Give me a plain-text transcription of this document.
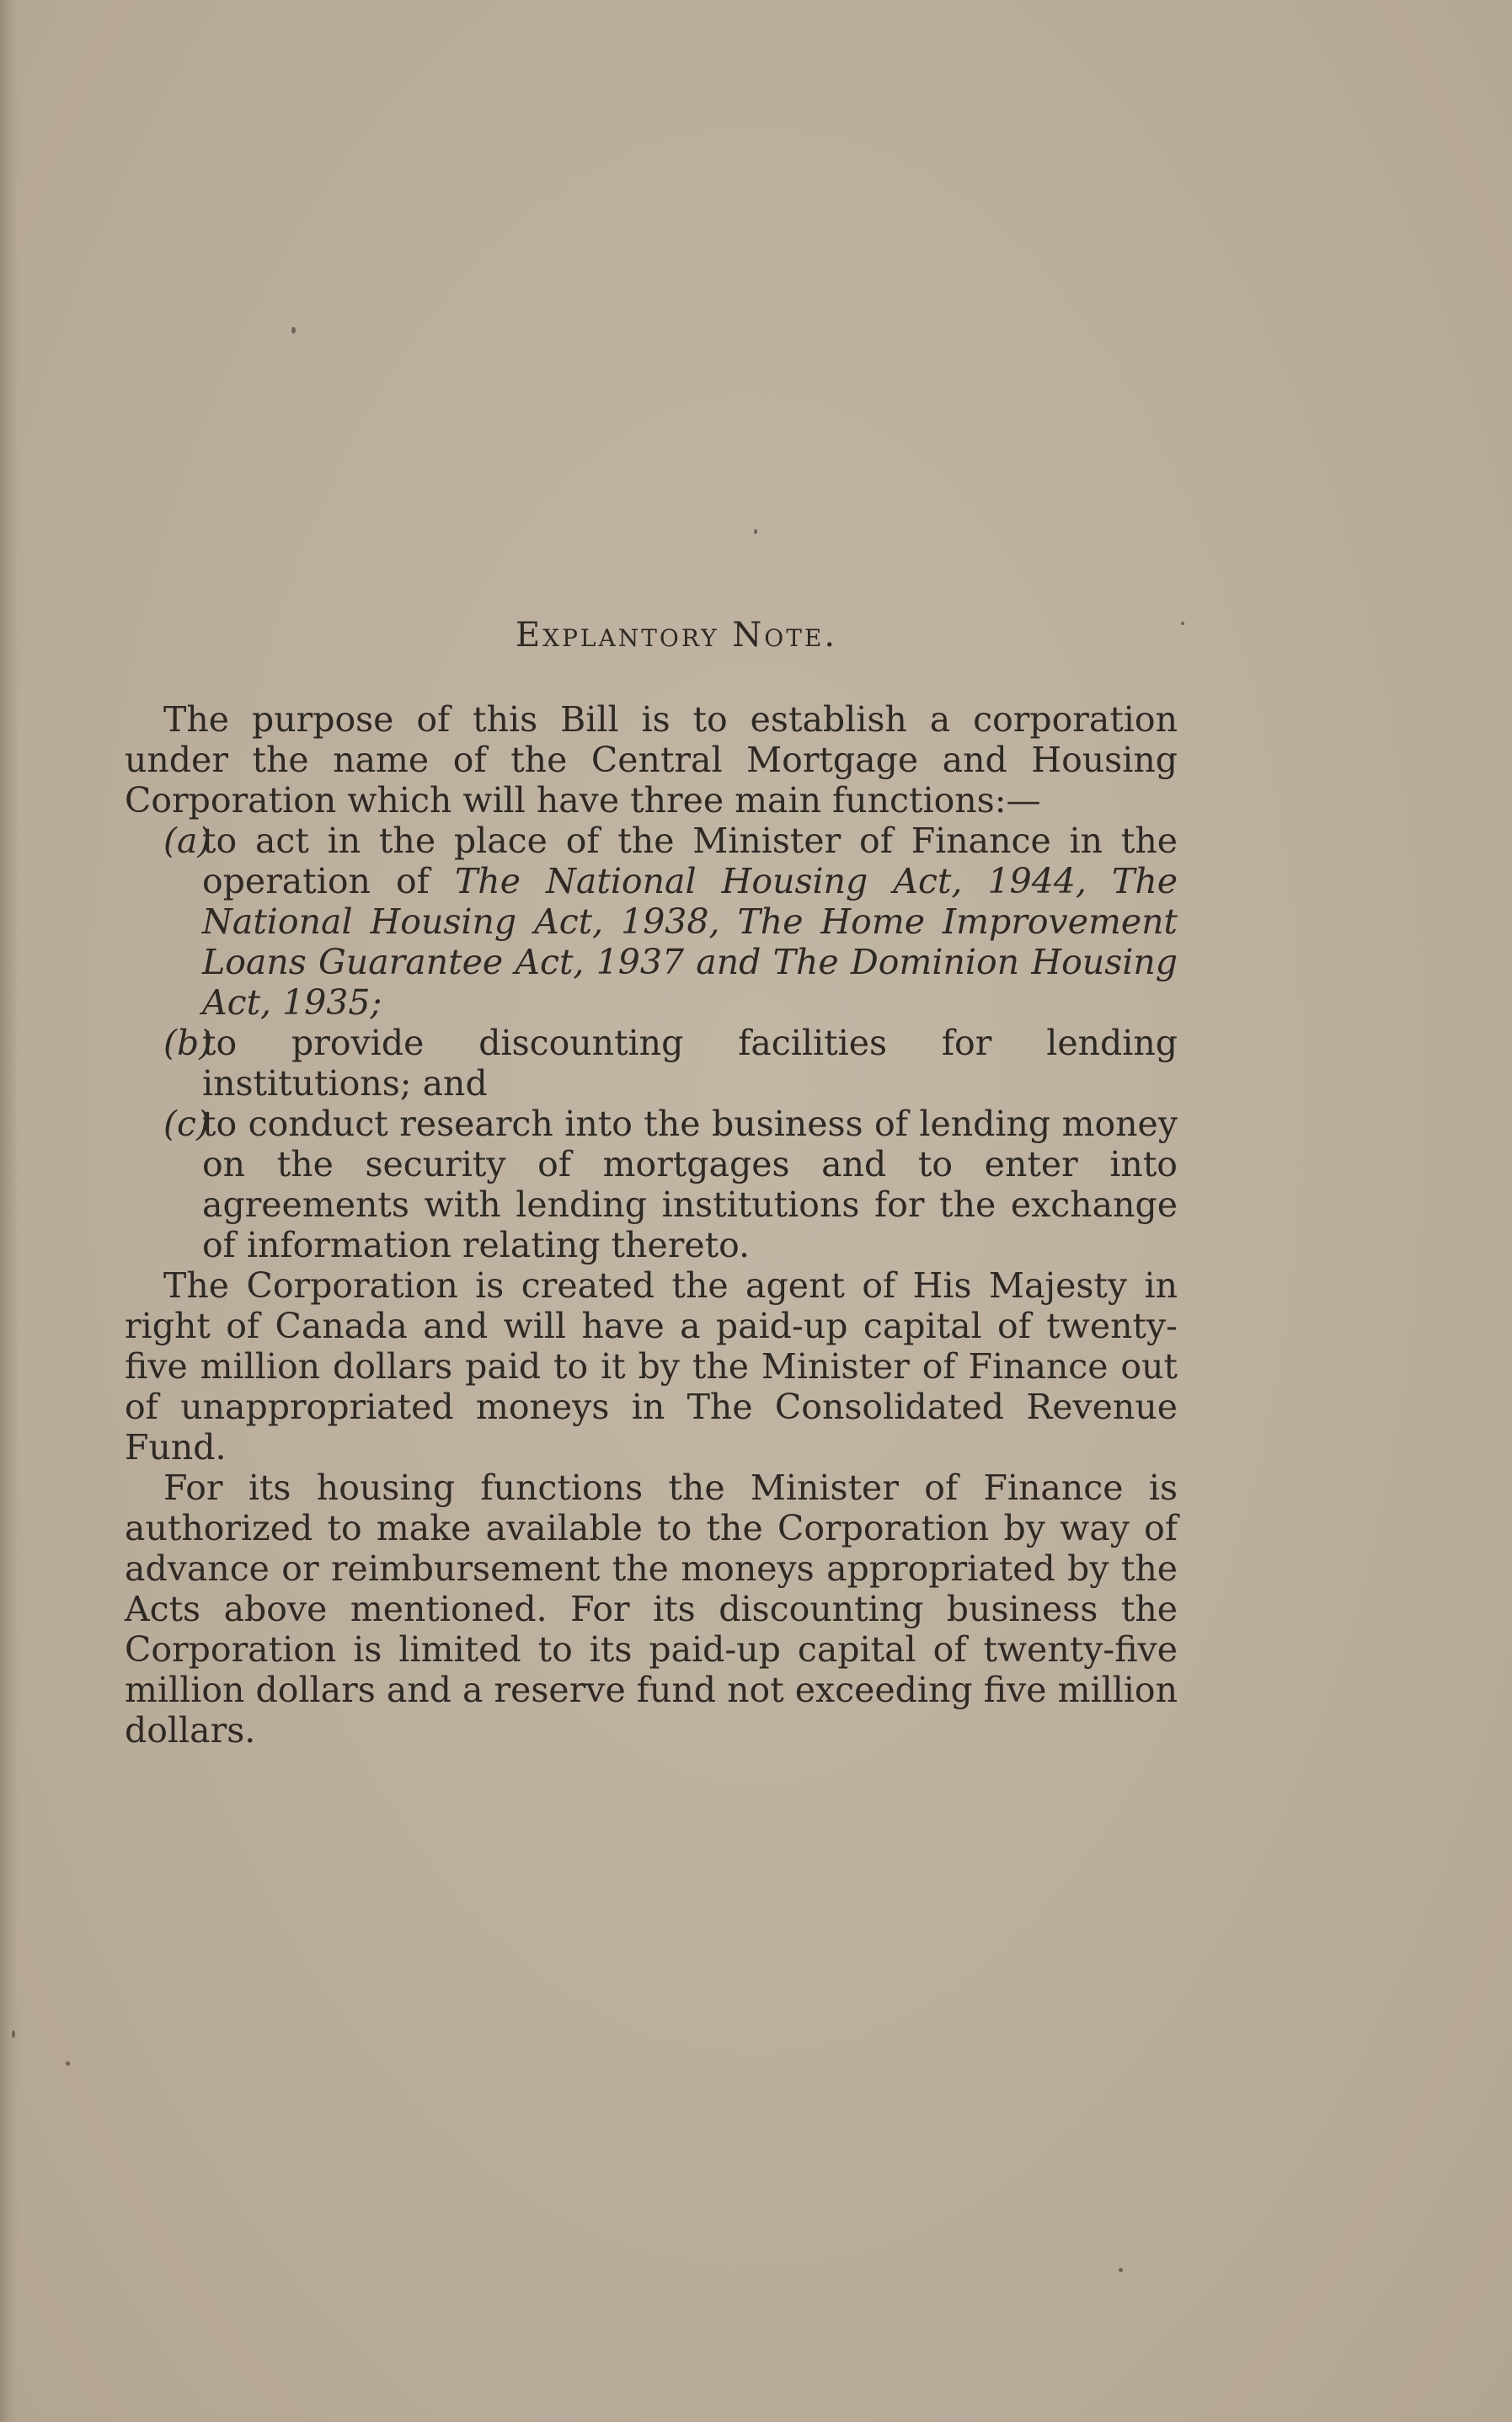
Explantory Note.

The purpose of this Bill is to establish a corporation under the name of the Central Mortgage and Housing Corporation which will have three main functions:—

(a)
to act in the place of the Minister of Finance in the operation of The National Housing Act, 1944, The National Housing Act, 1938, The Home Improvement Loans Guarantee Act, 1937 and The Dominion Housing Act, 1935;
(b)
to provide discounting facilities for lending institutions; and
(c)
to conduct research into the business of lending money on the security of mortgages and to enter into agreements with lending institutions for the exchange of information relating thereto.

The Corporation is created the agent of His Majesty in right of Canada and will have a paid-up capital of twenty-five million dollars paid to it by the Minister of Finance out of unappropriated moneys in The Consolidated Revenue Fund.

For its housing functions the Minister of Finance is authorized to make available to the Corporation by way of advance or reimbursement the moneys appropriated by the Acts above mentioned. For its discounting business the Corporation is limited to its paid-up capital of twenty-five million dollars and a reserve fund not exceeding five million dollars.
